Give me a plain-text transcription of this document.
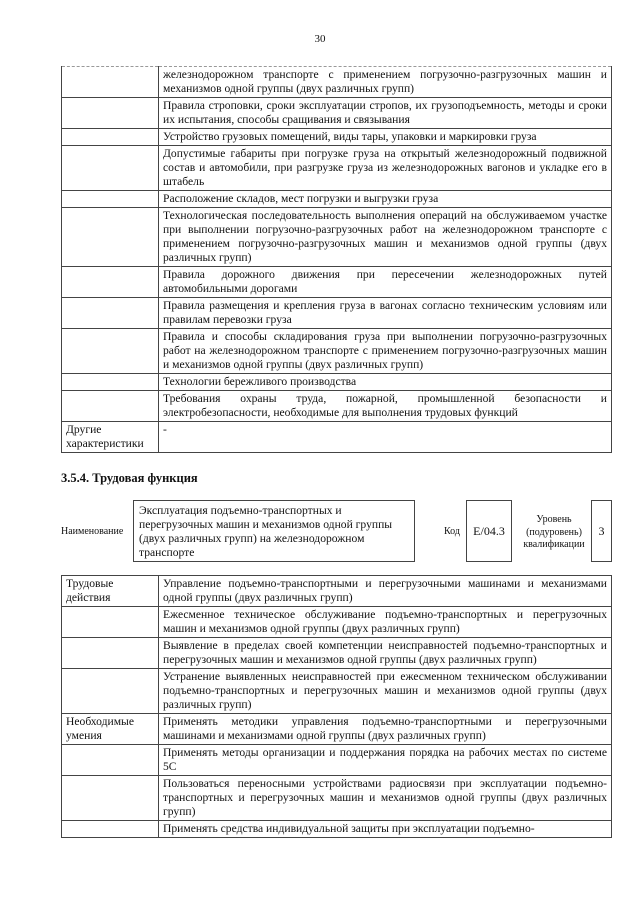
30
	железнодорожном транспорте с применением погрузочно-разгрузочных машин и механизмов одной группы (двух различных групп)
	Правила строповки, сроки эксплуатации стропов, их грузоподъемность, методы и сроки их испытания, способы сращивания и связывания
	Устройство грузовых помещений, виды тары, упаковки и маркировки груза
	Допустимые габариты при погрузке груза на открытый железнодорожный подвижной состав и автомобили, при разгрузке груза из железнодорожных вагонов и укладке его в штабель
	Расположение складов, мест погрузки и выгрузки груза
	Технологическая последовательность выполнения операций на обслуживаемом участке при выполнении погрузочно-разгрузочных работ на железнодорожном транспорте с применением погрузочно-разгрузочных машин и механизмов одной группы (двух различных групп)
	Правила дорожного движения при пересечении железнодорожных путей автомобильными дорогами
	Правила размещения и крепления груза в вагонах согласно техническим условиям или правилам перевозки груза
	Правила и способы складирования груза при выполнении погрузочно-разгрузочных работ на железнодорожном транспорте с применением погрузочно-разгрузочных машин и механизмов одной группы (двух различных групп)
	Технологии бережливого производства
	Требования охраны труда, пожарной, промышленной безопасности и электробезопасности, необходимые для выполнения трудовых функций
Другие характеристики	-
3.5.4. Трудовая функция
Наименование
Эксплуатация подъемно-транспортных и перегрузочных машин и механизмов одной группы (двух различных групп) на железнодорожном транспорте
Код	E/04.3
Уровень (подуровень) квалификации
3
Трудовые действия	Управление подъемно-транспортными и перегрузочными машинами и механизмами одной группы (двух различных групп)
	Ежесменное техническое обслуживание подъемно-транспортных и перегрузочных машин и механизмов одной группы (двух различных групп)
	Выявление в пределах своей компетенции неисправностей подъемно-транспортных и перегрузочных машин и механизмов одной группы (двух различных групп)
	Устранение выявленных неисправностей при ежесменном техническом обслуживании подъемно-транспортных и перегрузочных машин и механизмов одной группы (двух различных групп)
Необходимые умения	Применять методики управления подъемно-транспортными и перегрузочными машинами и механизмами одной группы (двух различных групп)
	Применять методы организации и поддержания порядка на рабочих местах по системе 5С
	Пользоваться переносными устройствами радиосвязи при эксплуатации подъемно-транспортных и перегрузочных машин и механизмов одной группы (двух различных групп)
	Применять средства индивидуальной защиты при эксплуатации подъемно-
